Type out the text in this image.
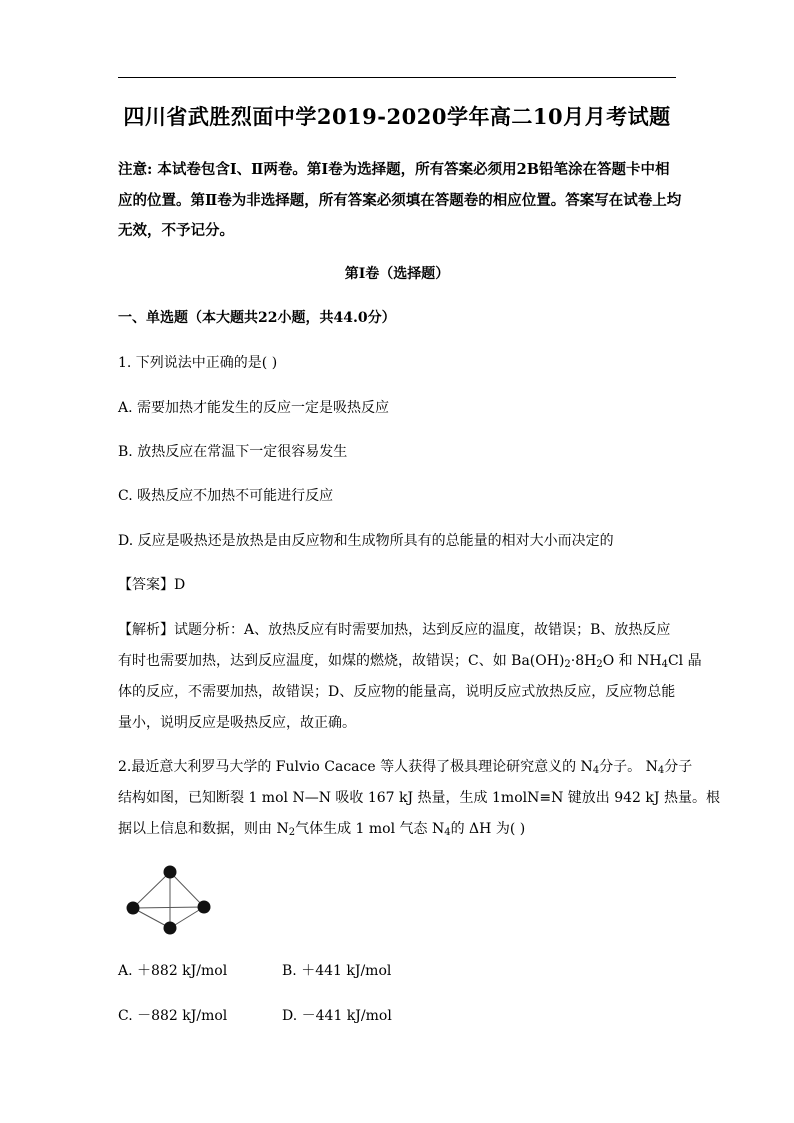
四川省武胜烈面中学2019-2020学年高二10月月考试题
注意: 本试卷包含Ⅰ、Ⅱ两卷。第Ⅰ卷为选择题，所有答案必须用2B铅笔涂在答题卡中相
应的位置。第Ⅱ卷为非选择题，所有答案必须填在答题卷的相应位置。答案写在试卷上均
无效，不予记分。
第Ⅰ卷（选择题）
一、单选题（本大题共22小题，共44.0分）
1. 下列说法中正确的是( )
A. 需要加热才能发生的反应一定是吸热反应
B. 放热反应在常温下一定很容易发生
C. 吸热反应不加热不可能进行反应
D. 反应是吸热还是放热是由反应物和生成物所具有的总能量的相对大小而决定的
【答案】D
【解析】试题分析：A、放热反应有时需要加热，达到反应的温度，故错误；B、放热反应
有时也需要加热，达到反应温度，如煤的燃烧，故错误；C、如 $Ba(OH)_2\cdot 8H_2O$ 和 $NH_4Cl$ 晶
体的反应，不需要加热，故错误；D、反应物的能量高，说明反应式放热反应，反应物总能
量小，说明反应是吸热反应，故正确。
2.最近意大利罗马大学的 Fulvio Cacace 等人获得了极具理论研究意义的 $N_4$分子。 $N_4$分子
结构如图，已知断裂 1 mol N—N 吸收 167 kJ 热量，生成 1molN≡N 键放出 942 kJ 热量。根
据以上信息和数据，则由 $N_2$气体生成 1 mol 气态 $N_4$的 ΔH 为( )
A. ＋882 kJ/mol	B. ＋441 kJ/mol
C. －882 kJ/mol	D. －441 kJ/mol
